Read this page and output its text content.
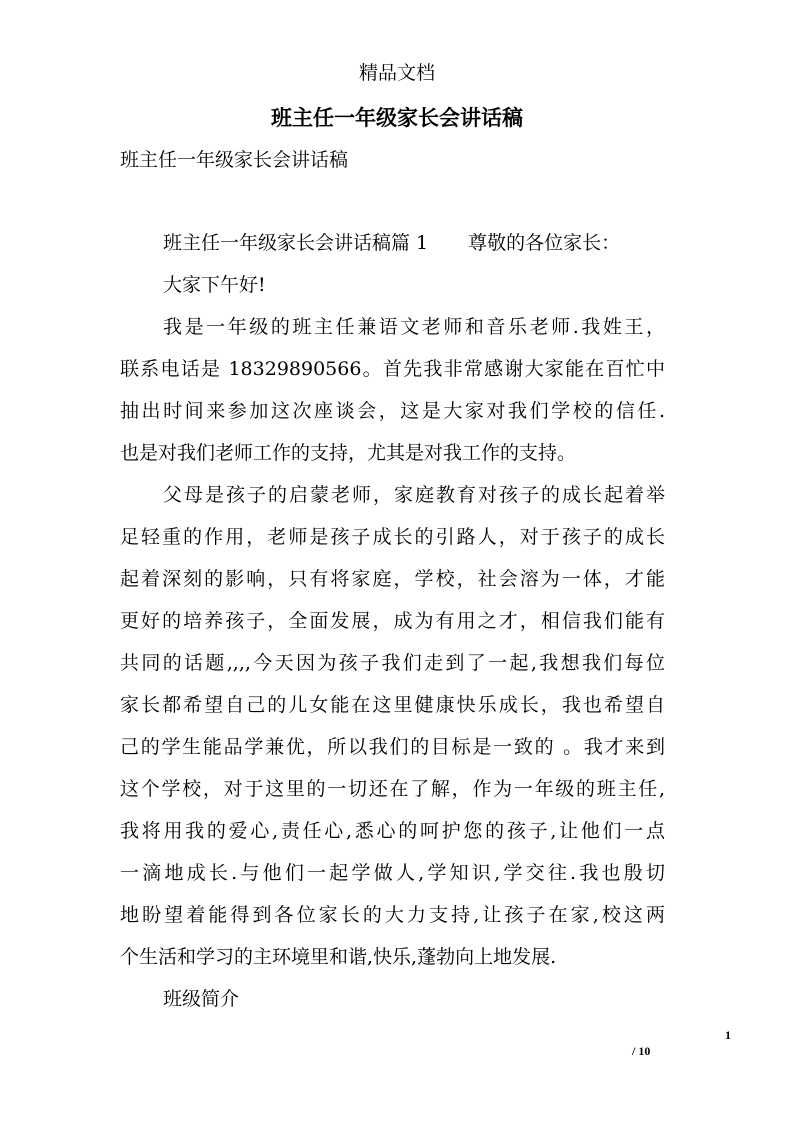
精品文档
班主任一年级家长会讲话稿
班主任一年级家长会讲话稿
班主任一年级家长会讲话稿篇 1 尊敬的各位家长：
大家下午好!
我是一年级的班主任兼语文老师和音乐老师.我姓王，
联系电话是 18329890566。首先我非常感谢大家能在百忙中
抽出时间来参加这次座谈会，这是大家对我们学校的信任.
也是对我们老师工作的支持，尤其是对我工作的支持。
父母是孩子的启蒙老师，家庭教育对孩子的成长起着举
足轻重的作用，老师是孩子成长的引路人，对于孩子的成长
起着深刻的影响，只有将家庭，学校，社会溶为一体，才能
更好的培养孩子，全面发展，成为有用之才，相信我们能有
共同的话题,,,,今天因为孩子我们走到了一起,我想我们每位
家长都希望自己的儿女能在这里健康快乐成长，我也希望自
己的学生能品学兼优，所以我们的目标是一致的 。我才来到
这个学校，对于这里的一切还在了解，作为一年级的班主任,
我将用我的爱心,责任心,悉心的呵护您的孩子,让他们一点
一滴地成长.与他们一起学做人,学知识,学交往.我也殷切
地盼望着能得到各位家长的大力支持,让孩子在家,校这两
个生活和学习的主环境里和谐,快乐,蓬勃向上地发展.
班级简介
1
/ 10
